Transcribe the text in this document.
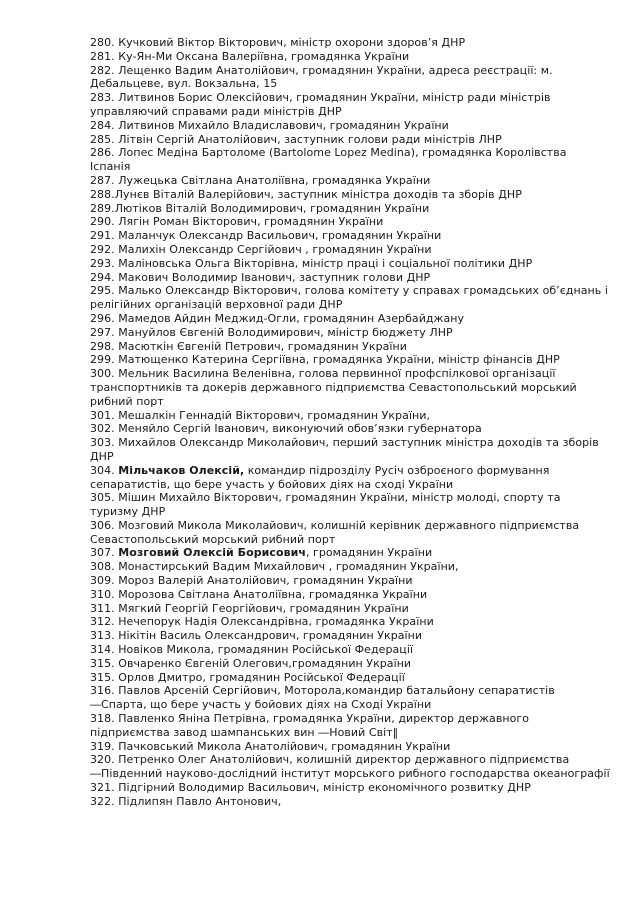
280. Кучковий Віктор Вікторович, міністр охорони здоров’я ДНР

281. Ку-Ян-Ми Оксана Валеріївна, громадянка України

282. Лещенко Вадим Анатолійович, громадянин України, адреса реєстрації: м. Дебальцеве, вул. Вокзальна, 15

283. Литвинов Борис Олексійович, громадянин України, міністр ради міністрів управляючий справами ради міністрів ДНР

284. Литвинов Михайло Владиславович, громадянин України

285. Літвін Сергій Анатолійович, заступник голови ради міністрів ЛНР

286. Лопес Медіна Бартоломе (Bartolome Lopez Medina), громадянка Королівства Іспанія

287. Лужецька Світлана Анатоліївна, громадянка України

288.Лунєв Віталій Валерійович, заступник міністра доходів та зборів ДНР

289.Лютіков Віталій Володимирович, громадянин України

290. Лягін Роман Вікторович, громадянин України

291. Маланчук Олександр Васильович, громадянин України

292. Малихін Олександр Сергійович , громадянин України

293. Маліновська Ольга Вікторівна, міністр праці і соціальної політики ДНР

294. Макович Володимир Іванович, заступник голови ДНР

295. Малько Олександр Вікторович, голова комітету у справах громадських об’єднань і релігійних організацій верховної ради ДНР

296. Мамедов Айдин Меджид-Огли, громадянин Азербайджану

297. Мануйлов Євгеній Володимирович, міністр бюджету ЛНР

298. Масюткін Євгеній Петрович, громадянин України

299. Матющенко Катерина Сергіївна, громадянка України, міністр фінансів ДНР

300. Мельник Василина Веленівна, голова первинної профспілкової організації транспортників та докерів державного підприємства Севастопольський морський рибний порт

301. Мешалкін Геннадій Вікторович, громадянин України,

302. Меняйло Сергій Іванович, виконуючий обов’язки губернатора

303. Михайлов Олександр Миколайович, перший заступник міністра доходів та зборів ДНР

304. Мільчаков Олексій, командир підрозділу Русіч озброєного формування сепаратистів, що бере участь у бойових діях на сході України

305. Мішин Михайло Вікторович, громадянин України, міністр молоді, спорту та туризму ДНР

306. Мозговий Микола Миколайович, колишній керівник державного підприємства Севастопольський морський рибний порт

307. Мозговий Олексій Борисович, громадянин України

308. Монастирський Вадим Михайлович , громадянин України,

309. Мороз Валерій Анатолійович, громадянин України

310. Морозова Світлана Анатоліївна, громадянка України

311. Мягкий Георгій Георгійович, громадянин України

312. Нечепорук Надія Олександрівна, громадянка України

313. Нікітін Василь Олександрович, громадянин України

314. Новіков Микола, громадянин Російської Федерації

315. Овчаренко Євгеній Олегович,громадянин України

315. Орлов Дмитро, громадянин Російської Федерації

316. Павлов Арсеній Сергійович, Моторола,командир батальйону сепаратистів ―Спарта, що бере участь у бойових діях на Сході України

318. Павленко Яніна Петрівна, громадянка України, директор державного підприємства завод шампанських вин ―Новий Світ‖

319. Пачковський Микола Анатолійович, громадянин України

320. Петренко Олег Анатолійович, колишній директор державного підприємства ―Південний науково-дослідний інститут морського рибного господарства океанографії

321. Підгірний Володимир Васильович, міністр економічного розвитку ДНР

322. Підлипян Павло Антонович,
